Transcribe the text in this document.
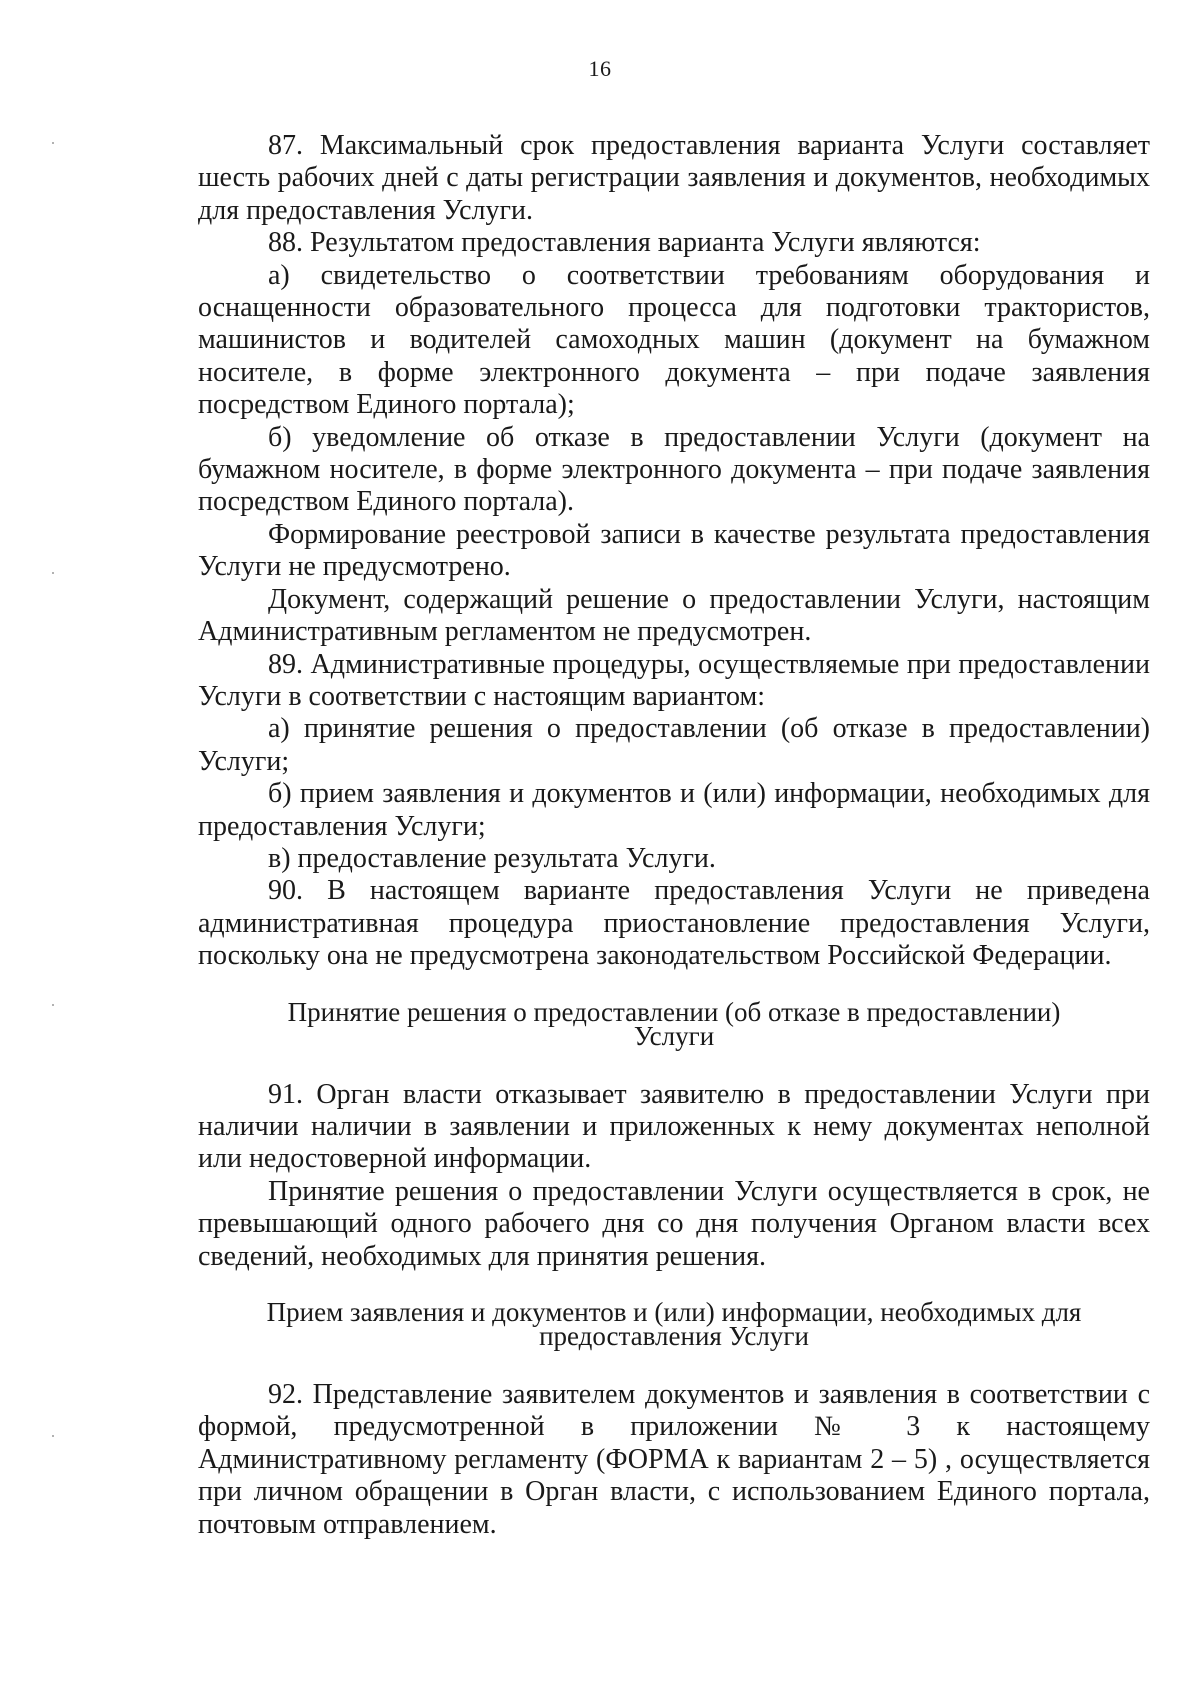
16

87. Максимальный срок предоставления варианта Услуги составляет шесть рабочих дней с даты регистрации заявления и документов, необходимых для предоставления Услуги.

88. Результатом предоставления варианта Услуги являются:

а) свидетельство о соответствии требованиям оборудования и оснащенности образовательного процесса для подготовки трактористов, машинистов и водителей самоходных машин (документ на бумажном носителе, в форме электронного документа – при подаче заявления посредством Единого портала);

б) уведомление об отказе в предоставлении Услуги (документ на бумажном носителе, в форме электронного документа – при подаче заявления посредством Единого портала).

Формирование реестровой записи в качестве результата предоставления Услуги не предусмотрено.

Документ, содержащий решение о предоставлении Услуги, настоящим Административным регламентом не предусмотрен.

89. Административные процедуры, осуществляемые при предоставлении Услуги в соответствии с настоящим вариантом:

а) принятие решения о предоставлении (об отказе в предоставлении) Услуги;

б) прием заявления и документов и (или) информации, необходимых для предоставления Услуги;

в) предоставление результата Услуги.

90. В настоящем варианте предоставления Услуги не приведена административная процедура приостановление предоставления Услуги, поскольку она не предусмотрена законодательством Российской Федерации.

Принятие решения о предоставлении (об отказе в предоставлении)
Услуги

91. Орган власти отказывает заявителю в предоставлении Услуги при наличии наличии в заявлении и приложенных к нему документах неполной или недостоверной информации.

Принятие решения о предоставлении Услуги осуществляется в срок, не превышающий одного рабочего дня со дня получения Органом власти всех сведений, необходимых для принятия решения.

Прием заявления и документов и (или) информации, необходимых для
предоставления Услуги

92. Представление заявителем документов и заявления в соответствии с формой, предусмотренной в приложении № 3 к настоящему Административному регламенту (ФОРМА к вариантам 2 – 5) , осуществляется при личном обращении в Орган власти, с использованием Единого портала, почтовым отправлением.
